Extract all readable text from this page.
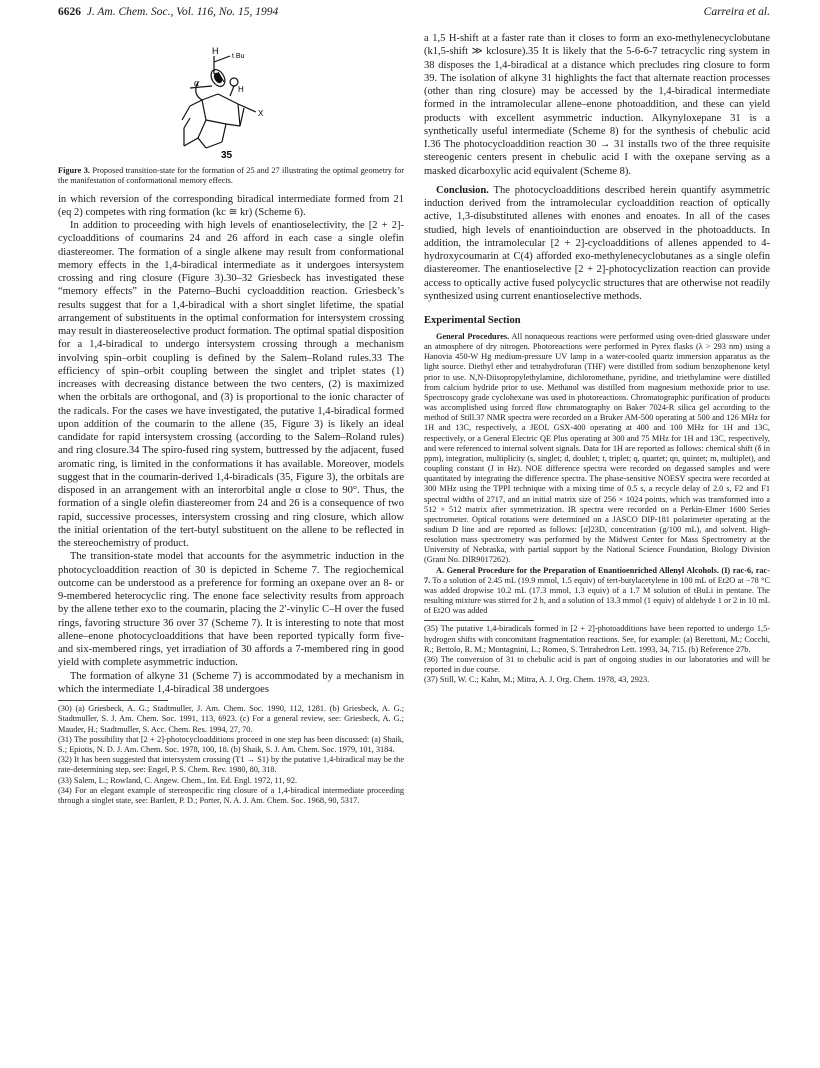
6626 J. Am. Chem. Soc., Vol. 116, No. 15, 1994	Carreira et al.
H
t Bu
α
H
X
35

Figure 3. Proposed transition-state for the formation of 25 and 27 illustrating the optimal geometry for the manifestation of conformational memory effects.

in which reversion of the corresponding biradical intermediate formed from 21 (eq 2) competes with ring formation (kc ≅ kr) (Scheme 6).

In addition to proceeding with high levels of enantioselectivity, the [2 + 2]-cycloadditions of coumarins 24 and 26 afford in each case a single olefin diastereomer. The formation of a single alkene may result from conformational memory effects in the 1,4-biradical intermediate as it undergoes intersystem crossing and ring closure (Figure 3).30–32 Griesbeck has investigated these “memory effects” in the Paterno–Buchi cycloaddition reaction. Griesbeck’s results suggest that for a 1,4-biradical with a short singlet lifetime, the spatial arrangement of substituents in the optimal conformation for intersystem crossing may result in diastereoselective product formation. The optimal spatial disposition for a 1,4-biradical to undergo intersystem crossing through a mechanism involving spin–orbit coupling is defined by the Salem–Roland rules.33 The efficiency of spin–orbit coupling between the singlet and triplet states (1) increases with decreasing distance between the two centers, (2) is maximized when the orbitals are orthogonal, and (3) is proportional to the ionic character of the radicals. For the cases we have investigated, the putative 1,4-biradical formed upon addition of the coumarin to the allene (35, Figure 3) is likely an ideal candidate for rapid intersystem crossing (according to the Salem–Roland rules) and ring closure.34 The spiro-fused ring system, buttressed by the adjacent, fused aromatic ring, is limited in the conformations it has available. Moreover, models suggest that in the coumarin-derived 1,4-biradicals (35, Figure 3), the orbitals are disposed in an arrangement with an interorbital angle α close to 90°. Thus, the formation of a single olefin diastereomer from 24 and 26 is a consequence of two rapid, successive processes, intersystem crossing and ring closure, which allow the initial orientation of the tert-butyl substituent on the allene to be reflected in the stereochemistry of product.

The transition-state model that accounts for the asymmetric induction in the photocycloaddition reaction of 30 is depicted in Scheme 7. The regiochemical outcome can be understood as a preference for forming an oxepane over an 8- or 9-membered heterocyclic ring. The enone face selectivity results from approach by the allene tether exo to the coumarin, placing the 2′-vinylic C–H over the fused rings, favoring structure 36 over 37 (Scheme 7). It is interesting to note that most allene–enone photocycloadditions that have been reported typically form five- and six-membered rings, yet irradiation of 30 affords a 7-membered ring in good yield with complete asymmetric induction.

The formation of alkyne 31 (Scheme 7) is accommodated by a mechanism in which the intermediate 1,4-biradical 38 undergoes

(30) (a) Griesbeck, A. G.; Stadtmuller, J. Am. Chem. Soc. 1990, 112, 1281. (b) Griesbeck, A. G.; Stadtmuller, S. J. Am. Chem. Soc. 1991, 113, 6923. (c) For a general review, see: Griesbeck, A. G.; Mauder, H.; Stadtmuller, S. Acc. Chem. Res. 1994, 27, 70.

(31) The possibility that [2 + 2]-photocycloadditions proceed in one step has been discussed: (a) Shaik, S.; Epiotis, N. D. J. Am. Chem. Soc. 1978, 100, 18. (b) Shaik, S. J. Am. Chem. Soc. 1979, 101, 3184.

(32) It has been suggested that intersystem crossing (T1 → S1) by the putative 1,4-biradical may be the rate-determining step, see: Engel, P. S. Chem. Rev. 1980, 80, 318.

(33) Salem, L.; Rowland, C. Angew. Chem., Int. Ed. Engl. 1972, 11, 92.

(34) For an elegant example of stereospecific ring closure of a 1,4-biradical intermediate proceeding through a singlet state, see: Bartlett, P. D.; Porter, N. A. J. Am. Chem. Soc. 1968, 90, 5317.

a 1,5 H-shift at a faster rate than it closes to form an exo-methylenecyclobutane (k1,5-shift ≫ kclosure).35 It is likely that the 5-6-6-7 tetracyclic ring system in 38 disposes the 1,4-biradical at a distance which precludes ring closure to form 39. The isolation of alkyne 31 highlights the fact that alternate reaction processes (other than ring closure) may be accessed by the 1,4-biradical intermediate formed in the intramolecular allene–enone photoaddition, and these can yield products with excellent asymmetric induction. Alkynyloxepane 31 is a synthetically useful intermediate (Scheme 8) for the synthesis of chebulic acid I.36 The photocycloaddition reaction 30 → 31 installs two of the three requisite stereogenic centers present in chebulic acid I with the oxepane serving as a masked dicarboxylic acid equivalent (Scheme 8).

Conclusion. The photocycloadditions described herein quantify asymmetric induction derived from the intramolecular cycloaddition reaction of optically active, 1,3-disubstituted allenes with enones and enoates. In all of the cases studied, high levels of enantioinduction are observed in the photoadducts. In addition, the intramolecular [2 + 2]-cycloadditions of allenes appended to 4-hydroxycoumarin at C(4) afforded exo-methylenecyclobutanes as a single olefin diastereomer. The enantioselective [2 + 2]-photocyclization reaction can provide access to optically active fused polycyclic structures that are otherwise not readily synthesized using current enantioselective methods.

Experimental Section

General Procedures. All nonaqueous reactions were performed using oven-dried glassware under an atmosphere of dry nitrogen. Photoreactions were performed in Pyrex flasks (λ > 293 nm) using a Hanovia 450-W Hg medium-pressure UV lamp in a water-cooled quartz immersion apparatus as the light source. Diethyl ether and tetrahydrofuran (THF) were distilled from sodium benzophenone ketyl prior to use. N,N-Diisopropylethylamine, dichloromethane, pyridine, and triethylamine were distilled from calcium hydride prior to use. Methanol was distilled from magnesium methoxide prior to use. Spectroscopy grade cyclohexane was used in photoreactions. Chromatographic purification of products was accomplished using forced flow chromatography on Baker 7024-R silica gel according to the method of Still.37 NMR spectra were recorded on a Bruker AM-500 operating at 500 and 126 MHz for 1H and 13C, respectively, a JEOL GSX-400 operating at 400 and 100 MHz for 1H and 13C, respectively, or a General Electric QE Plus operating at 300 and 75 MHz for 1H and 13C, respectively, and were referenced to internal solvent signals. Data for 1H are reported as follows: chemical shift (δ in ppm), integration, multiplicity (s, singlet; d, doublet; t, triplet; q, quartet; qn, quintet; m, multiplet), and coupling constant (J in Hz). NOE difference spectra were recorded on degassed samples and were quantitated by integrating the difference spectra. The phase-sensitive NOESY spectra were recorded at 300 MHz using the TPPI technique with a mixing time of 0.5 s, a recycle delay of 2.0 s, F2 and F1 spectral widths of 2717, and an initial matrix size of 256 × 1024 points, which was transformed into a 512 × 512 matrix after symmetrization. IR spectra were recorded on a Perkin-Elmer 1600 Series spectrometer. Optical rotations were determined on a JASCO DIP-181 polarimeter operating at the sodium D line and are reported as follows: [α]23D, concentration (g/100 mL), and solvent. High-resolution mass spectrometry was performed by the Midwest Center for Mass Spectrometry at the University of Nebraska, with partial support by the National Science Foundation, Biology Division (Grant No. DIR9017262).

A. General Procedure for the Preparation of Enantioenriched Allenyl Alcohols. (I) rac-6, rac-7. To a solution of 2.45 mL (19.9 mmol, 1.5 equiv) of tert-butylacetylene in 100 mL of Et2O at −78 °C was added dropwise 10.2 mL (17.3 mmol, 1.3 equiv) of a 1.7 M solution of tBuLi in pentane. The resulting mixture was stirred for 2 h, and a solution of 13.3 mmol (1 equiv) of aldehyde 1 or 2 in 10 mL of Et2O was added

(35) The putative 1,4-biradicals formed in [2 + 2]-photoadditions have been reported to undergo 1,5-hydrogen shifts with concomitant fragmentation reactions. See, for example: (a) Berettoni, M.; Cocchi, R.; Bettolo, R. M.; Montagnini, L.; Romeo, S. Tetrahedron Lett. 1993, 34, 715. (b) Reference 27b.

(36) The conversion of 31 to chebulic acid is part of ongoing studies in our laboratories and will be reported in due course.

(37) Still, W. C.; Kahn, M.; Mitra, A. J. Org. Chem. 1978, 43, 2923.
